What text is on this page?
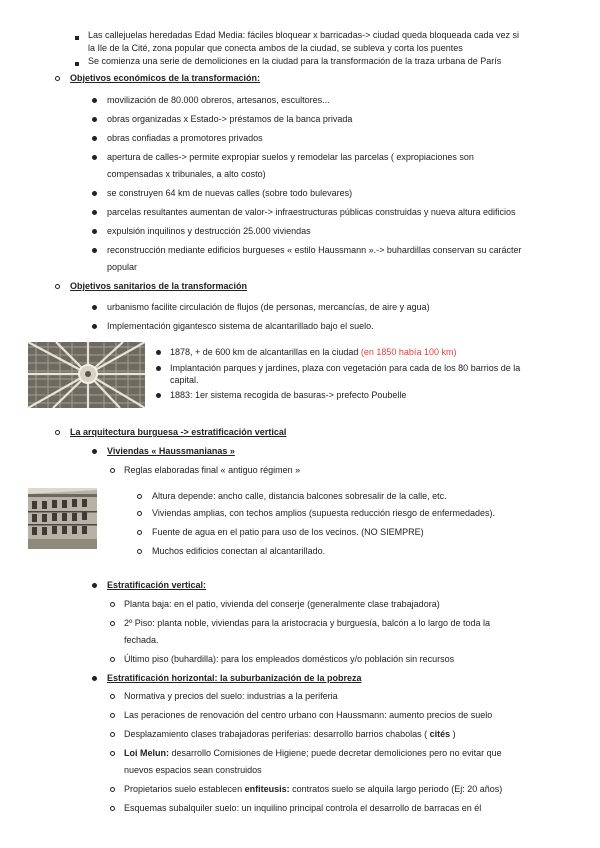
Las callejuelas heredadas Edad Media: fáciles bloquear x barricadas-> ciudad queda bloqueada cada vez si
la Ile de la Cité, zona popular que conecta ambos de la ciudad, se subleva y corta los puentes
Se comienza una serie de demoliciones en la ciudad para la transformación de la traza urbana de París
Objetivos económicos de la transformación:
movilización de 80.000 obreros, artesanos, escultores...
obras organizadas x Estado-> préstamos de la banca privada
obras confiadas a promotores privados
apertura de calles-> permite expropiar suelos y remodelar las parcelas ( expropiaciones son
compensadas x tribunales, a alto costo)
se construyen 64 km de nuevas calles (sobre todo bulevares)
parcelas resultantes aumentan de valor-> infraestructuras públicas construidas y nueva altura edificios
expulsión inquilinos y destrucción 25.000 viviendas
reconstrucción mediante edificios burgueses « estilo Haussmann ».-> buhardillas conservan su carácter
popular
Objetivos sanitarios de la transformación
urbanismo facilite circulación de flujos (de personas, mercancías, de aire y agua)
Implementación gigantesco sistema de alcantarillado bajo el suelo.
1878, + de 600 km de alcantarillas en la ciudad (en 1850 había 100 km)
Implantación parques y jardines, plaza con vegetación para cada de los 80 barrios de la
capital.
1883: 1er sistema recogida de basuras-> prefecto Poubelle
La arquitectura burguesa -> estratificación vertical
Viviendas « Haussmanianas »
Reglas elaboradas final « antiguo régimen »
Altura depende: ancho calle, distancia balcones sobresalir de la calle, etc.
Viviendas amplias, con techos amplios (supuesta reducción riesgo de enfermedades).
Fuente de agua en el patio para uso de los vecinos. (NO SIEMPRE)
Muchos edificios conectan al alcantarillado.
Estratificación vertical:
Planta baja: en el patio, vivienda del conserje (generalmente clase trabajadora)
2º Piso: planta noble, viviendas para la aristocracia y burguesía, balcón a lo largo de toda la
fechada.
Último piso (buhardilla): para los empleados domésticos y/o población sin recursos
Estratificación horizontal: la suburbanización de la pobreza
Normativa y precios del suelo: industrias a la periferia
Las peraciones de renovación del centro urbano con Haussmann: aumento precios de suelo
Desplazamiento clases trabajadoras periferias: desarrollo barrios chabolas ( cités )
Loi Melun: desarrollo Comisiones de Higiene; puede decretar demoliciones pero no evitar que
nuevos espacios sean construidos
Propietarios suelo establecen enfiteusis: contratos suelo se alquila largo periodo (Ej: 20 años)
Esquemas subalquiler suelo: un inquilino principal controla el desarrollo de barracas en él
